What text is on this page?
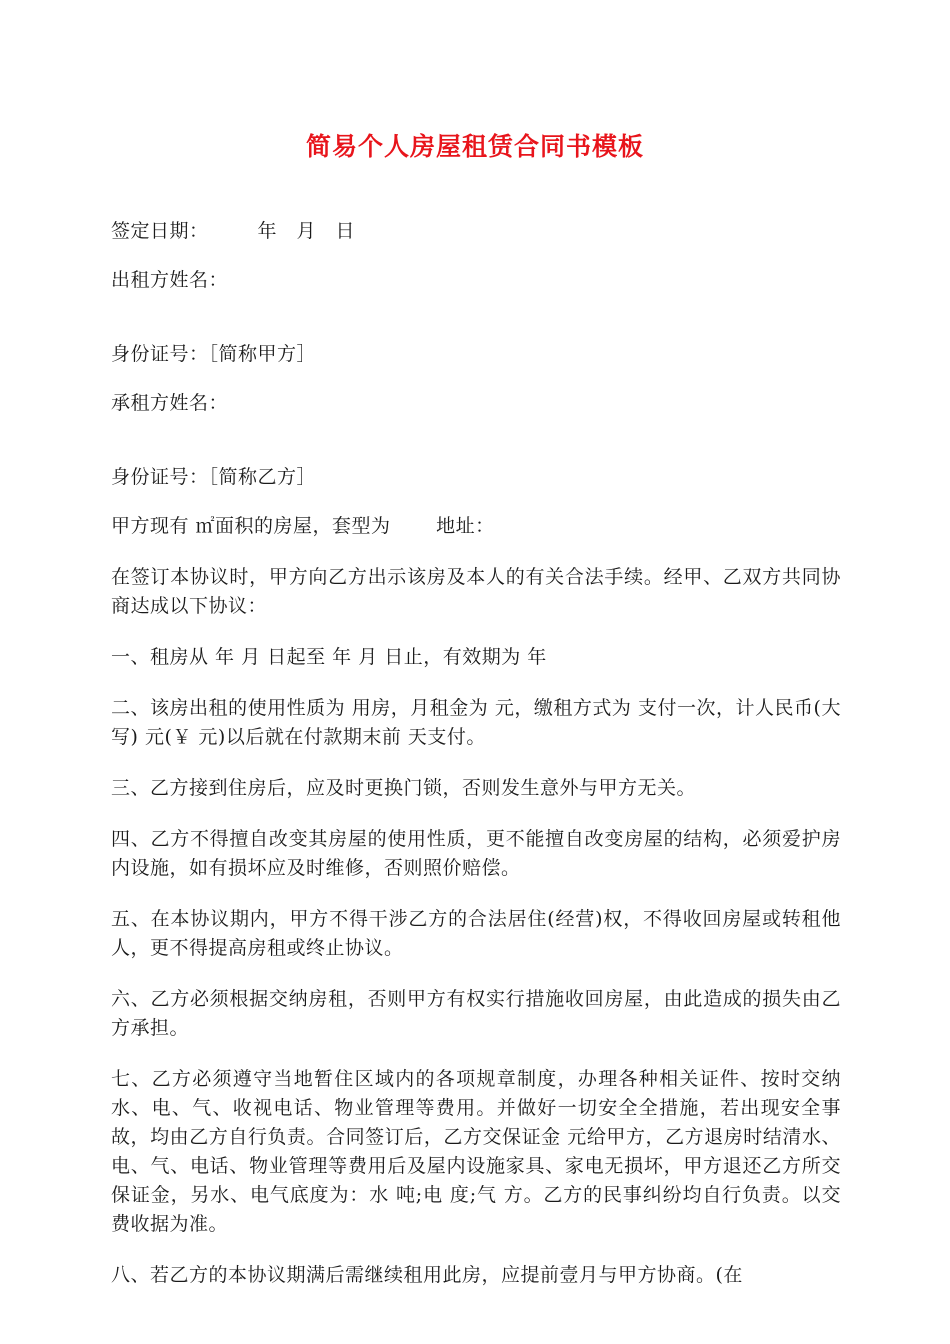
简易个人房屋租赁合同书模板

签定日期：　　　年　月　日

出租方姓名：

身份证号：［简称甲方］

承租方姓名：

身份证号：［简称乙方］

甲方现有 ㎡面积的房屋，套型为　　 地址：

在签订本协议时，甲方向乙方出示该房及本人的有关合法手续。经甲、乙双方共同协商达成以下协议：

一、租房从 年 月 日起至 年 月 日止，有效期为 年

二、该房出租的使用性质为 用房，月租金为 元，缴租方式为 支付一次，计人民币(大写) 元(￥ 元)以后就在付款期末前 天支付。

三、乙方接到住房后，应及时更换门锁，否则发生意外与甲方无关。

四、乙方不得擅自改变其房屋的使用性质，更不能擅自改变房屋的结构，必须爱护房内设施，如有损坏应及时维修，否则照价赔偿。

五、在本协议期内，甲方不得干涉乙方的合法居住(经营)权，不得收回房屋或转租他人，更不得提高房租或终止协议。

六、乙方必须根据交纳房租，否则甲方有权实行措施收回房屋，由此造成的损失由乙方承担。

七、乙方必须遵守当地暂住区域内的各项规章制度，办理各种相关证件、按时交纳水、电、气、收视电话、物业管理等费用。并做好一切安全全措施，若出现安全事故，均由乙方自行负责。合同签订后，乙方交保证金 元给甲方，乙方退房时结清水、电、气、电话、物业管理等费用后及屋内设施家具、家电无损坏，甲方退还乙方所交保证金，另水、电气底度为：水 吨;电 度;气 方。乙方的民事纠纷均自行负责。以交费收据为准。

八、若乙方的本协议期满后需继续租用此房，应提前壹月与甲方协商。(在
